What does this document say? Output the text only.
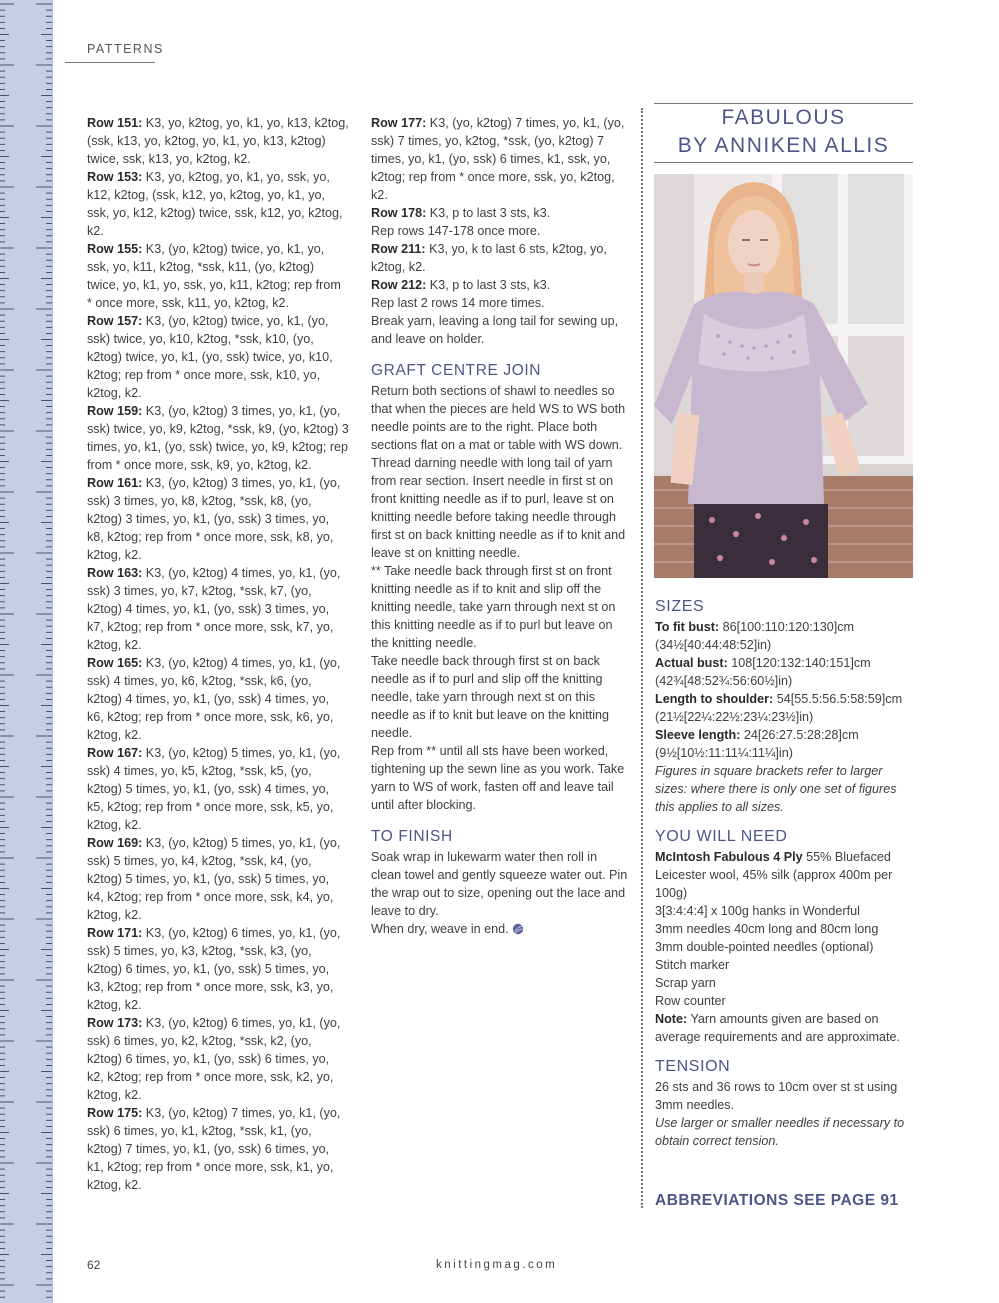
PATTERNS

Row 151: K3, yo, k2tog, yo, k1, yo, k13, k2tog, (ssk, k13, yo, k2tog, yo, k1, yo, k13, k2tog) twice, ssk, k13, yo, k2tog, k2.

Row 153: K3, yo, k2tog, yo, k1, yo, ssk, yo, k12, k2tog, (ssk, k12, yo, k2tog, yo, k1, yo, ssk, yo, k12, k2tog) twice, ssk, k12, yo, k2tog, k2.

Row 155: K3, (yo, k2tog) twice, yo, k1, yo, ssk, yo, k11, k2tog, *ssk, k11, (yo, k2tog) twice, yo, k1, yo, ssk, yo, k11, k2tog; rep from * once more, ssk, k11, yo, k2tog, k2.

Row 157: K3, (yo, k2tog) twice, yo, k1, (yo, ssk) twice, yo, k10, k2tog, *ssk, k10, (yo, k2tog) twice, yo, k1, (yo, ssk) twice, yo, k10, k2tog; rep from * once more, ssk, k10, yo, k2tog, k2.

Row 159: K3, (yo, k2tog) 3 times, yo, k1, (yo, ssk) twice, yo, k9, k2tog, *ssk, k9, (yo, k2tog) 3 times, yo, k1, (yo, ssk) twice, yo, k9, k2tog; rep from * once more, ssk, k9, yo, k2tog, k2.

Row 161: K3, (yo, k2tog) 3 times, yo, k1, (yo, ssk) 3 times, yo, k8, k2tog, *ssk, k8, (yo, k2tog) 3 times, yo, k1, (yo, ssk) 3 times, yo, k8, k2tog; rep from * once more, ssk, k8, yo, k2tog, k2.

Row 163: K3, (yo, k2tog) 4 times, yo, k1, (yo, ssk) 3 times, yo, k7, k2tog, *ssk, k7, (yo, k2tog) 4 times, yo, k1, (yo, ssk) 3 times, yo, k7, k2tog; rep from * once more, ssk, k7, yo, k2tog, k2.

Row 165: K3, (yo, k2tog) 4 times, yo, k1, (yo, ssk) 4 times, yo, k6, k2tog, *ssk, k6, (yo, k2tog) 4 times, yo, k1, (yo, ssk) 4 times, yo, k6, k2tog; rep from * once more, ssk, k6, yo, k2tog, k2.

Row 167: K3, (yo, k2tog) 5 times, yo, k1, (yo, ssk) 4 times, yo, k5, k2tog, *ssk, k5, (yo, k2tog) 5 times, yo, k1, (yo, ssk) 4 times, yo, k5, k2tog; rep from * once more, ssk, k5, yo, k2tog, k2.

Row 169: K3, (yo, k2tog) 5 times, yo, k1, (yo, ssk) 5 times, yo, k4, k2tog, *ssk, k4, (yo, k2tog) 5 times, yo, k1, (yo, ssk) 5 times, yo, k4, k2tog; rep from * once more, ssk, k4, yo, k2tog, k2.

Row 171: K3, (yo, k2tog) 6 times, yo, k1, (yo, ssk) 5 times, yo, k3, k2tog, *ssk, k3, (yo, k2tog) 6 times, yo, k1, (yo, ssk) 5 times, yo, k3, k2tog; rep from * once more, ssk, k3, yo, k2tog, k2.

Row 173: K3, (yo, k2tog) 6 times, yo, k1, (yo, ssk) 6 times, yo, k2, k2tog, *ssk, k2, (yo, k2tog) 6 times, yo, k1, (yo, ssk) 6 times, yo, k2, k2tog; rep from * once more, ssk, k2, yo, k2tog, k2.

Row 175: K3, (yo, k2tog) 7 times, yo, k1, (yo, ssk) 6 times, yo, k1, k2tog, *ssk, k1, (yo, k2tog) 7 times, yo, k1, (yo, ssk) 6 times, yo, k1, k2tog; rep from * once more, ssk, k1, yo, k2tog, k2.

Row 177: K3, (yo, k2tog) 7 times, yo, k1, (yo, ssk) 7 times, yo, k2tog, *ssk, (yo, k2tog) 7 times, yo, k1, (yo, ssk) 6 times, k1, ssk, yo, k2tog; rep from * once more, ssk, yo, k2tog, k2.

Row 178: K3, p to last 3 sts, k3.

Rep rows 147-178 once more.

Row 211: K3, yo, k to last 6 sts, k2tog, yo, k2tog, k2.

Row 212: K3, p to last 3 sts, k3.

Rep last 2 rows 14 more times.

Break yarn, leaving a long tail for sewing up, and leave on holder.

GRAFT CENTRE JOIN

Return both sections of shawl to needles so that when the pieces are held WS to WS both needle points are to the right. Place both sections flat on a mat or table with WS down.

Thread darning needle with long tail of yarn from rear section. Insert needle in first st on front knitting needle as if to purl, leave st on knitting needle before taking needle through first st on back knitting needle as if to knit and leave st on knitting needle.

** Take needle back through first st on front knitting needle as if to knit and slip off the knitting needle, take yarn through next st on this knitting needle as if to purl but leave on the knitting needle.

Take needle back through first st on back needle as if to purl and slip off the knitting needle, take yarn through next st on this needle as if to knit but leave on the knitting needle.

Rep from ** until all sts have been worked, tightening up the sewn line as you work. Take yarn to WS of work, fasten off and leave tail until after blocking.

TO FINISH

Soak wrap in lukewarm water then roll in clean towel and gently squeeze water out. Pin the wrap out to size, opening out the lace and leave to dry.

When dry, weave in end.

FABULOUS
BY ANNIKEN ALLIS
SIZES

To fit bust: 86[100:110:120:130]cm (34½[40:44:48:52]in)

Actual bust: 108[120:132:140:151]cm (42¾[48:52¾:56:60½]in)

Length to shoulder: 54[55.5:56.5:58:59]cm (21½[22¼:22½:23¼:23½]in)

Sleeve length: 24[26:27.5:28:28]cm (9½[10½:11:11¼:11¼]in)

Figures in square brackets refer to larger sizes: where there is only one set of figures this applies to all sizes.

YOU WILL NEED

McIntosh Fabulous 4 Ply 55% Bluefaced Leicester wool, 45% silk (approx 400m per 100g)

3[3:4:4:4] x 100g hanks in Wonderful

3mm needles 40cm long and 80cm long

3mm double-pointed needles (optional)

Stitch marker

Scrap yarn

Row counter

Note: Yarn amounts given are based on average requirements and are approximate.

TENSION

26 sts and 36 rows to 10cm over st st using 3mm needles.

Use larger or smaller needles if necessary to obtain correct tension.

ABBREVIATIONS SEE PAGE 91
62	knittingmag.com
